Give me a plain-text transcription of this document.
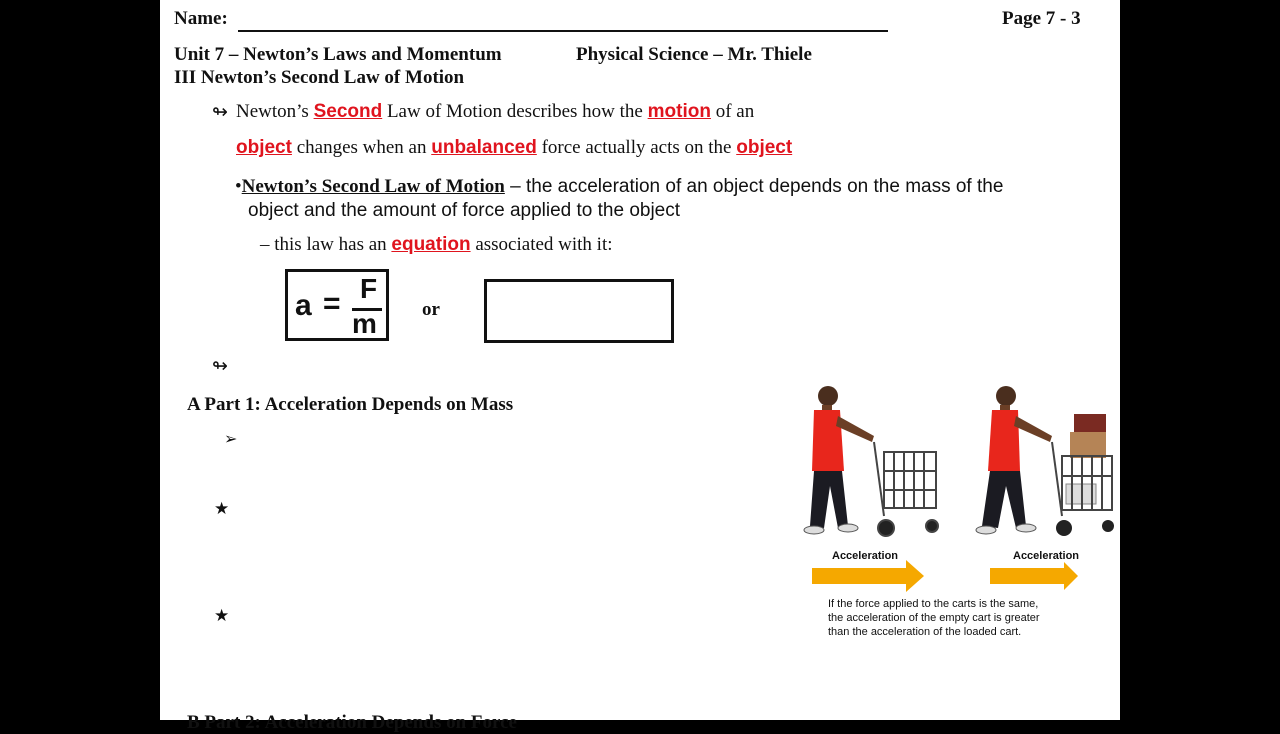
Name:	Page 7 - 3
Unit 7 – Newton’s Laws and Momentum	Physical Science – Mr. Thiele
III Newton’s Second Law of Motion
↬ Newton’s Second Law of Motion describes how the motion of an
object changes when an unbalanced force actually acts on the object
•Newton’s Second Law of Motion – the acceleration of an object depends on the mass of the
object and the amount of force applied to the object
– this law has an equation associated with it:
a = F
m or
↬
A Part 1: Acceleration Depends on Mass
➢
★
★
B Part 2: Acceleration Depends on Force
Acceleration	Acceleration
If the force applied to the carts is the same,
the acceleration of the empty cart is greater
than the acceleration of the loaded cart.
